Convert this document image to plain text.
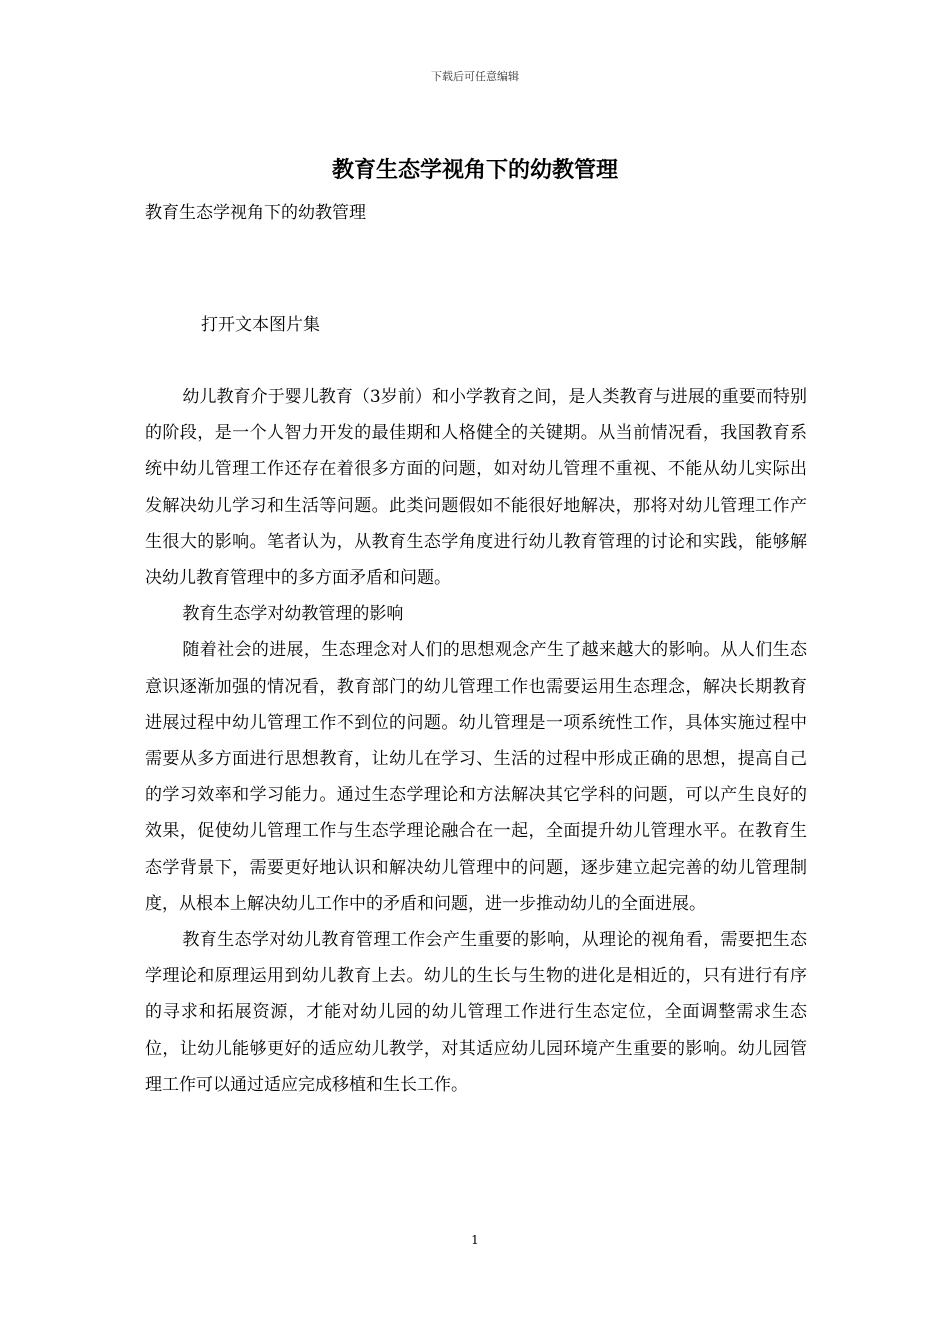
下载后可任意编辑
教育生态学视角下的幼教管理
教育生态学视角下的幼教管理
打开文本图片集

幼儿教育介于婴儿教育（3岁前）和小学教育之间，是人类教育与进展的重要而特别的阶段，是一个人智力开发的最佳期和人格健全的关键期。从当前情况看，我国教育系统中幼儿管理工作还存在着很多方面的问题，如对幼儿管理不重视、不能从幼儿实际出发解决幼儿学习和生活等问题。此类问题假如不能很好地解决，那将对幼儿管理工作产生很大的影响。笔者认为，从教育生态学角度进行幼儿教育管理的讨论和实践，能够解决幼儿教育管理中的多方面矛盾和问题。

教育生态学对幼教管理的影响

随着社会的进展，生态理念对人们的思想观念产生了越来越大的影响。从人们生态意识逐渐加强的情况看，教育部门的幼儿管理工作也需要运用生态理念，解决长期教育进展过程中幼儿管理工作不到位的问题。幼儿管理是一项系统性工作，具体实施过程中需要从多方面进行思想教育，让幼儿在学习、生活的过程中形成正确的思想，提高自己的学习效率和学习能力。通过生态学理论和方法解决其它学科的问题，可以产生良好的效果，促使幼儿管理工作与生态学理论融合在一起，全面提升幼儿管理水平。在教育生态学背景下，需要更好地认识和解决幼儿管理中的问题，逐步建立起完善的幼儿管理制度，从根本上解决幼儿工作中的矛盾和问题，进一步推动幼儿的全面进展。

教育生态学对幼儿教育管理工作会产生重要的影响，从理论的视角看，需要把生态学理论和原理运用到幼儿教育上去。幼儿的生长与生物的进化是相近的，只有进行有序的寻求和拓展资源，才能对幼儿园的幼儿管理工作进行生态定位，全面调整需求生态位，让幼儿能够更好的适应幼儿教学，对其适应幼儿园环境产生重要的影响。幼儿园管理工作可以通过适应完成移植和生长工作。

1
